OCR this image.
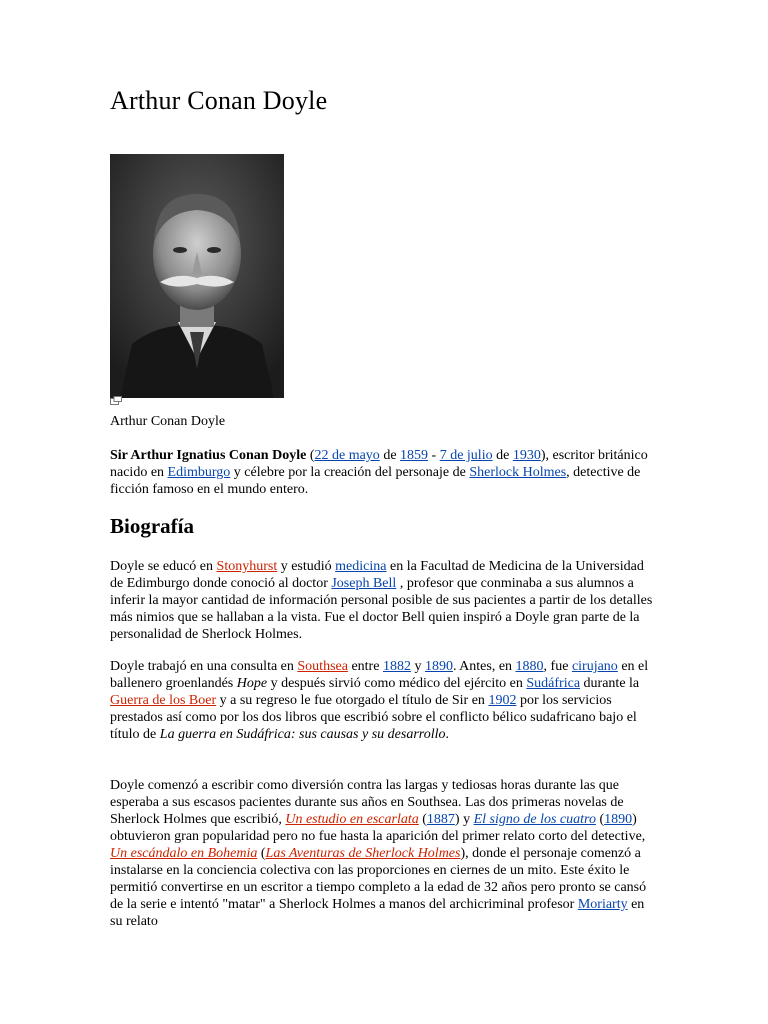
Arthur Conan Doyle
Arthur Conan Doyle

Sir Arthur Ignatius Conan Doyle (22 de mayo de 1859 - 7 de julio de 1930), escritor británico nacido en Edimburgo y célebre por la creación del personaje de Sherlock Holmes, detective de ficción famoso en el mundo entero.

Biografía

Doyle se educó en Stonyhurst y estudió medicina en la Facultad de Medicina de la Universidad de Edimburgo donde conoció al doctor Joseph Bell , profesor que conminaba a sus alumnos a inferir la mayor cantidad de información personal posible de sus pacientes a partir de los detalles más nimios que se hallaban a la vista. Fue el doctor Bell quien inspiró a Doyle gran parte de la personalidad de Sherlock Holmes.

Doyle trabajó en una consulta en Southsea entre 1882 y 1890. Antes, en 1880, fue cirujano en el ballenero groenlandés Hope y después sirvió como médico del ejército en Sudáfrica durante la Guerra de los Boer y a su regreso le fue otorgado el título de Sir en 1902 por los servicios prestados así como por los dos libros que escribió sobre el conflicto bélico sudafricano bajo el título de La guerra en Sudáfrica: sus causas y su desarrollo.

Doyle comenzó a escribir como diversión contra las largas y tediosas horas durante las que esperaba a sus escasos pacientes durante sus años en Southsea. Las dos primeras novelas de Sherlock Holmes que escribió, Un estudio en escarlata (1887) y El signo de los cuatro (1890) obtuvieron gran popularidad pero no fue hasta la aparición del primer relato corto del detective, Un escándalo en Bohemia (Las Aventuras de Sherlock Holmes), donde el personaje comenzó a instalarse en la conciencia colectiva con las proporciones en ciernes de un mito. Este éxito le permitió convertirse en un escritor a tiempo completo a la edad de 32 años pero pronto se cansó de la serie e intentó "matar" a Sherlock Holmes a manos del archicriminal profesor Moriarty en su relato
